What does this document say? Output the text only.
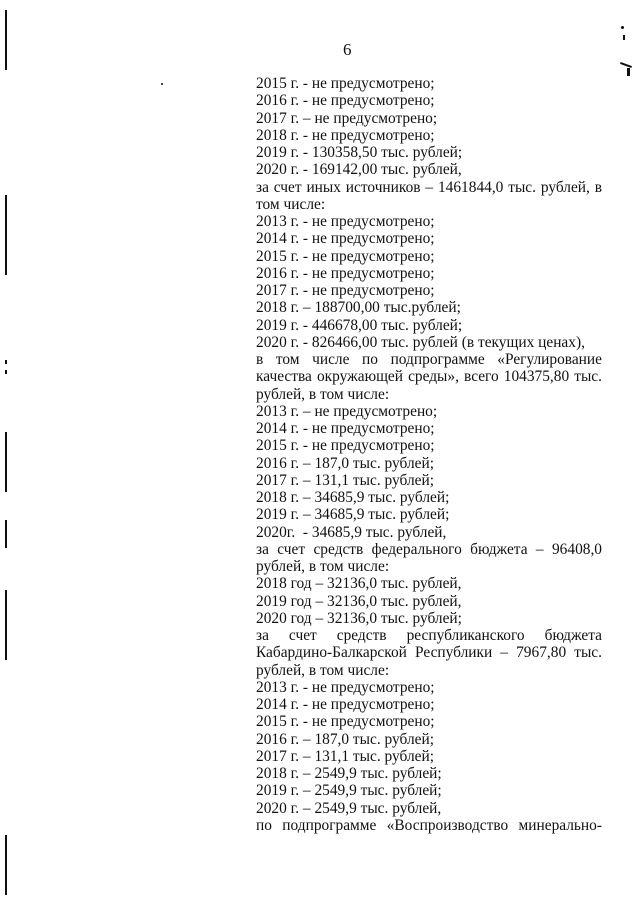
6
2015 г. - не предусмотрено;
2016 г. - не предусмотрено;
2017 г. – не предусмотрено;
2018 г. - не предусмотрено;
2019 г. - 130358,50 тыс. рублей;
2020 г. - 169142,00 тыс. рублей,
за счет иных источников – 1461844,0 тыс. рублей, в
том числе:
2013 г. - не предусмотрено;
2014 г. - не предусмотрено;
2015 г. - не предусмотрено;
2016 г. - не предусмотрено;
2017 г. - не предусмотрено;
2018 г. – 188700,00 тыс.рублей;
2019 г. - 446678,00 тыс. рублей;
2020 г. - 826466,00 тыс. рублей (в текущих ценах),
в том числе по подпрограмме «Регулирование
качества окружающей среды», всего 104375,80 тыс.
рублей, в том числе:
2013 г. – не предусмотрено;
2014 г. - не предусмотрено;
2015 г. - не предусмотрено;
2016 г. – 187,0 тыс. рублей;
2017 г. – 131,1 тыс. рублей;
2018 г. – 34685,9 тыс. рублей;
2019 г. – 34685,9 тыс. рублей;
2020г.  - 34685,9 тыс. рублей,
за счет средств федерального бюджета – 96408,0
рублей, в том числе:
2018 год – 32136,0 тыс. рублей,
2019 год – 32136,0 тыс. рублей,
2020 год – 32136,0 тыс. рублей;
за счет средств республиканского бюджета
Кабардино-Балкарской Республики – 7967,80 тыс.
рублей, в том числе:
2013 г. - не предусмотрено;
2014 г. - не предусмотрено;
2015 г. - не предусмотрено;
2016 г. – 187,0 тыс. рублей;
2017 г. – 131,1 тыс. рублей;
2018 г. – 2549,9 тыс. рублей;
2019 г. – 2549,9 тыс. рублей;
2020 г. – 2549,9 тыс. рублей,
по подпрограмме «Воспроизводство минерально-
